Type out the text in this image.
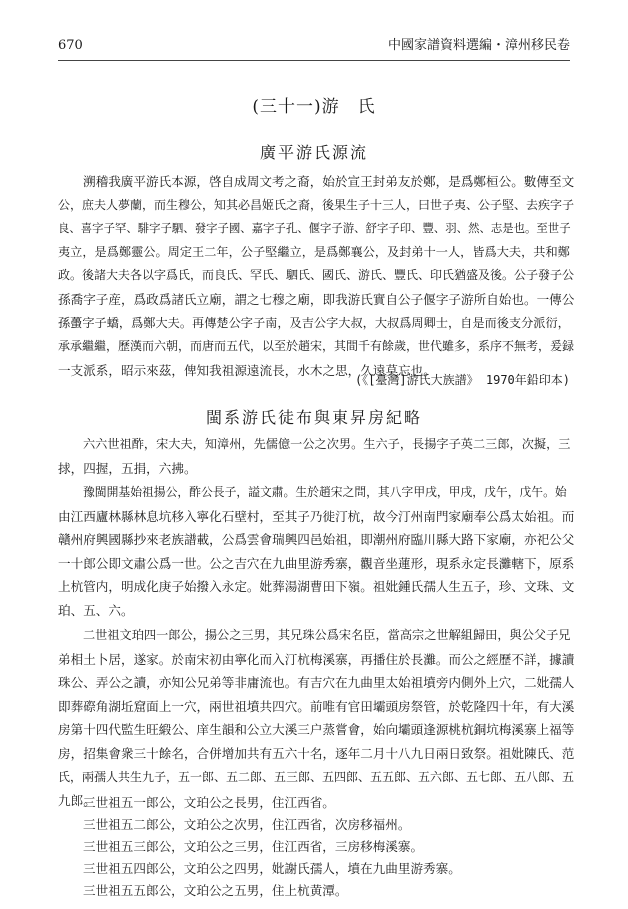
670	中國家譜資料選編・漳州移民卷
(三十一)游　氏
廣平游氏源流
溯稽我廣平游氏本源，啓自成周文考之裔，始於宣王封弟友於鄭，是爲鄭桓公。數傳至文
公，庶夫人夢蘭，而生穆公，知其必昌姬氏之裔，後果生子十三人，曰世子夷、公子堅、去疾字子
良、喜字子罕、騑字子駟、發字子國、嘉字子孔、偃字子游、舒字子印、豐、羽、然、志是也。至世子
夷立，是爲鄭靈公。周定王二年，公子堅繼立，是爲鄭襄公，及封弟十一人，皆爲大夫，共和鄭
政。後諸大夫各以字爲氏，而良氏、罕氏、駟氏、國氏、游氏、豐氏、印氏猶盛及後。公子發子公
孫喬字子産，爲政爲諸氏立廟，謂之七穆之廟，即我游氏實自公子偃字子游所自始也。一傳公
孫蠆字子蟜，爲鄭大夫。再傳楚公字子南，及吉公字大叔，大叔爲周卿士，自是而後支分派衍，
承承繼繼，歷漢而六朝，而唐而五代，以至於趙宋，其間千有餘歲，世代雖多，系序不無考，爰録
一支派系，昭示來茲，俾知我祖源遠流長，水木之思，久遠莫忘也。
(《[臺灣]游氏大族譜》 1970年鉛印本)
閩系游氏徒布與東昇房紀略
六六世祖酢，宋大夫，知漳州，先儒億一公之次男。生六子，長揚字子英二三郎，次擬，三
捄，四握，五捐，六拂。
豫閩開基始祖揚公，酢公長子，謚文肅。生於趙宋之問，其八字甲戌，甲戌，戊午，戊午。始
由江西廬林縣林息坑移入寧化石壁村，至其子乃徙汀杭，故今汀州南門家廟奉公爲太始祖。而
贛州府興國縣抄來老族譜載，公爲雲會瑞興四邑始祖，即潮州府臨川縣大路下家廟，亦祀公父
一十郎公即文肅公爲一世。公之吉穴在九曲里游秀寨，觀音坐蓮形，現系永定長灘轄下，原系
上杭管内，明成化庚子始撥入永定。妣葬湯湖曹田下嶺。祖妣鍾氏孺人生五子，珍、文珠、文
珀、五、六。
二世祖文珀四一郎公，揚公之三男，其兄珠公爲宋名臣，當高宗之世解組歸田，與公父子兄
弟相土卜居，遂家。於南宋初由寧化而入汀杭梅溪寨，再播住於長灘。而公之經歷不詳，據讀
珠公、弄公之讀，亦知公兄弟等非庸流也。有吉穴在九曲里太始祖墳旁内側外上穴，二妣孺人
即葬磜角湖坵窟面上一穴，兩世祖墳共四穴。前唯有官田壩頭房祭管，於乾隆四十年，有大溪
房第十四代監生旺緞公、庠生韻和公立大溪三户蒸嘗會，始向壩頭逢源桃杭銅坑梅溪寨上福等
房，招集會衆三十餘名，合併增加共有五六十名，逐年二月十八九日兩日致祭。祖妣陳氏、范
氏，兩孺人共生九子，五一郎、五二郎、五三郎、五四郎、五五郎、五六郎、五七郎、五八郎、五
九郎。
三世祖五一郎公，文珀公之長男，住江西省。
三世祖五二郎公，文珀公之次男，住江西省，次房移福州。
三世祖五三郎公，文珀公之三男，住江西省，三房移梅溪寨。
三世祖五四郎公，文珀公之四男，妣謝氏孺人，墳在九曲里游秀寨。
三世祖五五郎公，文珀公之五男，住上杭黄潭。
